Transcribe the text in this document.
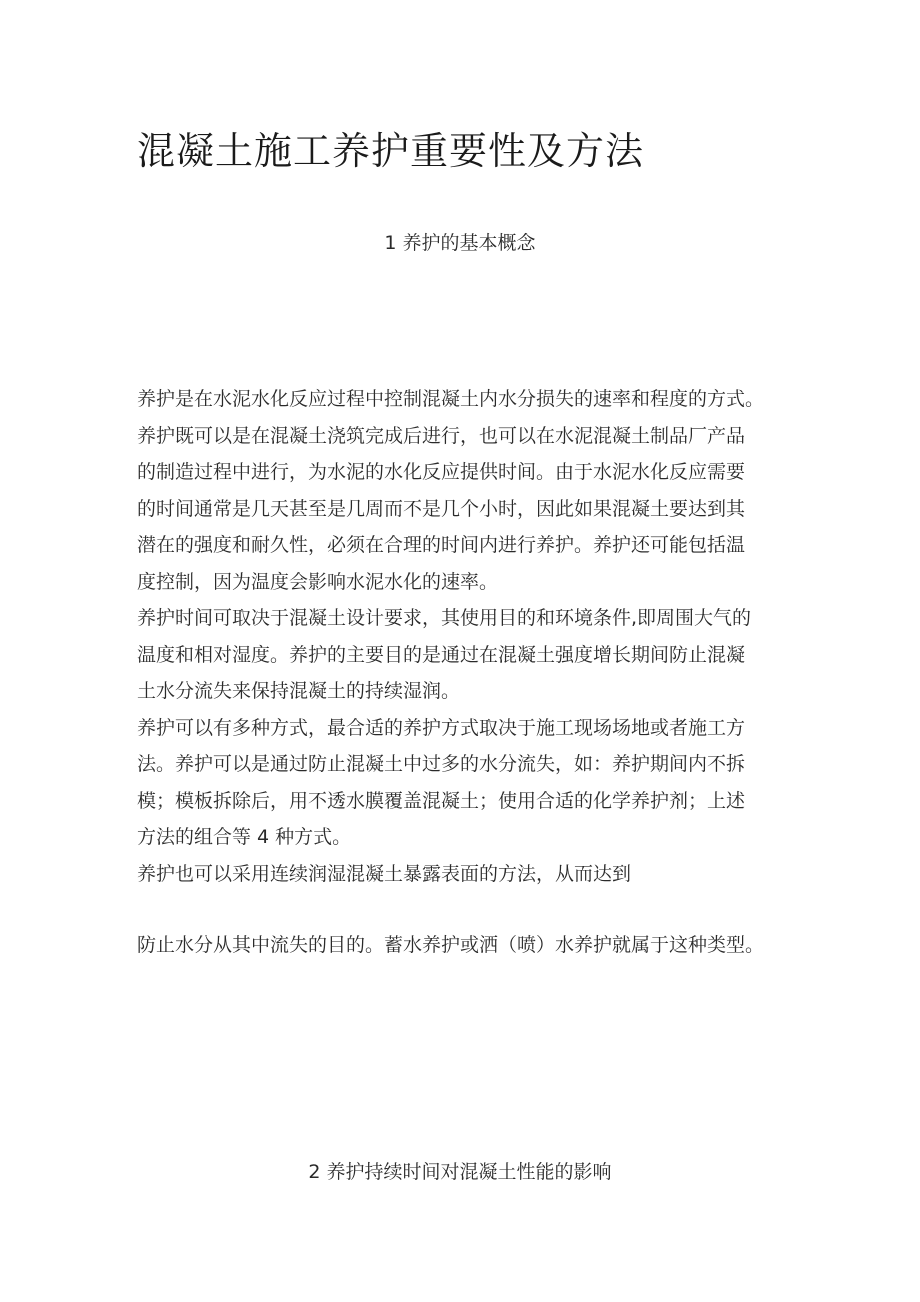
混凝土施工养护重要性及方法
1 养护的基本概念
养护是在水泥水化反应过程中控制混凝土内水分损失的速率和程度的方式。
养护既可以是在混凝土浇筑完成后进行，也可以在水泥混凝土制品厂产品
的制造过程中进行，为水泥的水化反应提供时间。由于水泥水化反应需要
的时间通常是几天甚至是几周而不是几个小时，因此如果混凝土要达到其
潜在的强度和耐久性，必须在合理的时间内进行养护。养护还可能包括温
度控制，因为温度会影响水泥水化的速率。
养护时间可取决于混凝土设计要求，其使用目的和环境条件,即周围大气的
温度和相对湿度。养护的主要目的是通过在混凝土强度增长期间防止混凝
土水分流失来保持混凝土的持续湿润。
养护可以有多种方式，最合适的养护方式取决于施工现场场地或者施工方
法。养护可以是通过防止混凝土中过多的水分流失，如：养护期间内不拆
模；模板拆除后，用不透水膜覆盖混凝土；使用合适的化学养护剂；上述
方法的组合等 4 种方式。
养护也可以采用连续润湿混凝土暴露表面的方法，从而达到
防止水分从其中流失的目的。蓄水养护或洒（喷）水养护就属于这种类型。
2 养护持续时间对混凝土性能的影响
